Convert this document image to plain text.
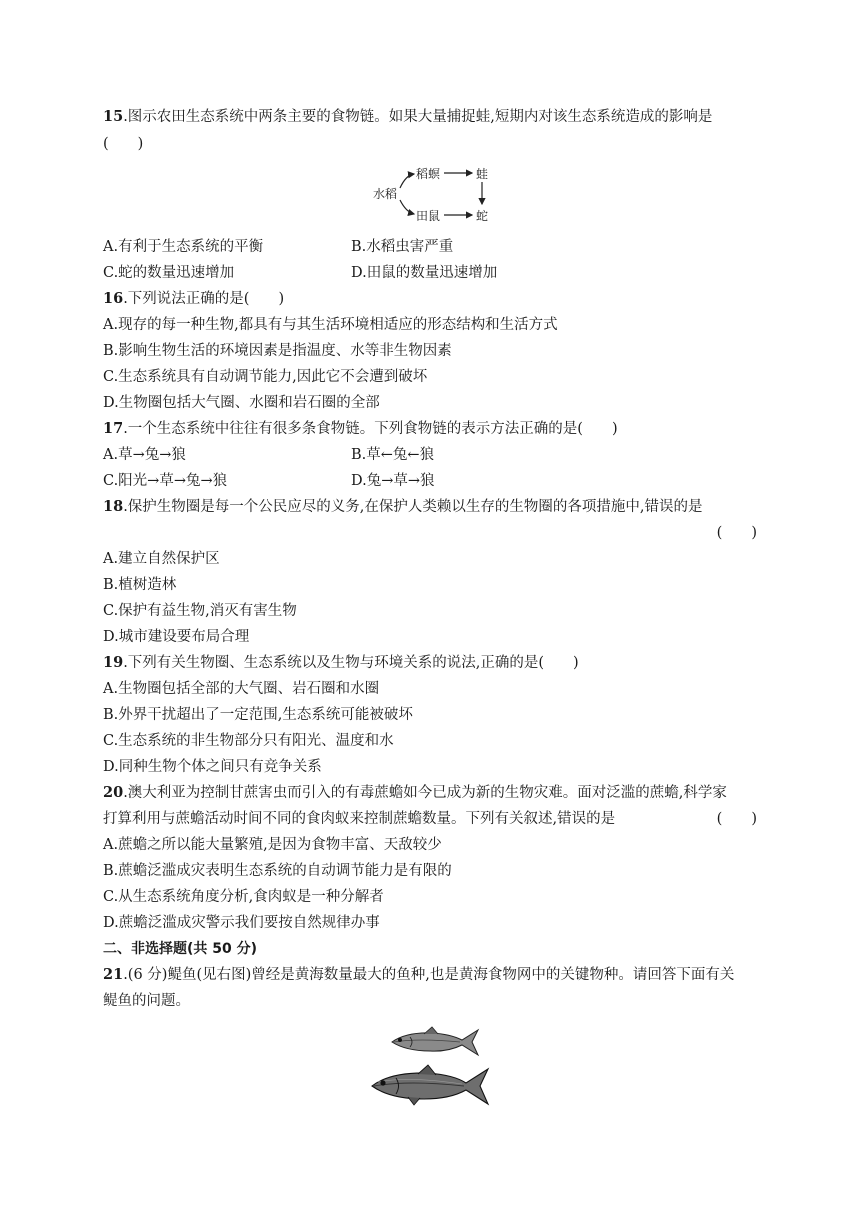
15.图示农田生态系统中两条主要的食物链。如果大量捕捉蛙,短期内对该生态系统造成的影响是
(　　)
水稻
稻螟
田鼠
蛙
蛇
A.有利于生态系统的平衡	B.水稻虫害严重
C.蛇的数量迅速增加	D.田鼠的数量迅速增加
16.下列说法正确的是(　　)
A.现存的每一种生物,都具有与其生活环境相适应的形态结构和生活方式
B.影响生物生活的环境因素是指温度、水等非生物因素
C.生态系统具有自动调节能力,因此它不会遭到破坏
D.生物圈包括大气圈、水圈和岩石圈的全部
17.一个生态系统中往往有很多条食物链。下列食物链的表示方法正确的是(　　)
A.草→兔→狼	B.草←兔←狼
C.阳光→草→兔→狼	D.兔→草→狼
18.保护生物圈是每一个公民应尽的义务,在保护人类赖以生存的生物圈的各项措施中,错误的是
(　　)
A.建立自然保护区
B.植树造林
C.保护有益生物,消灭有害生物
D.城市建设要布局合理
19.下列有关生物圈、生态系统以及生物与环境关系的说法,正确的是(　　)
A.生物圈包括全部的大气圈、岩石圈和水圈
B.外界干扰超出了一定范围,生态系统可能被破坏
C.生态系统的非生物部分只有阳光、温度和水
D.同种生物个体之间只有竞争关系
20.澳大利亚为控制甘蔗害虫而引入的有毒蔗蟾如今已成为新的生物灾难。面对泛滥的蔗蟾,科学家
打算利用与蔗蟾活动时间不同的食肉蚁来控制蔗蟾数量。下列有关叙述,错误的是	(　　)
A.蔗蟾之所以能大量繁殖,是因为食物丰富、天敌较少
B.蔗蟾泛滥成灾表明生态系统的自动调节能力是有限的
C.从生态系统角度分析,食肉蚁是一种分解者
D.蔗蟾泛滥成灾警示我们要按自然规律办事
二、非选择题(共 50 分)
21.(6 分)鳀鱼(见右图)曾经是黄海数量最大的鱼种,也是黄海食物网中的关键物种。请回答下面有关
鳀鱼的问题。
